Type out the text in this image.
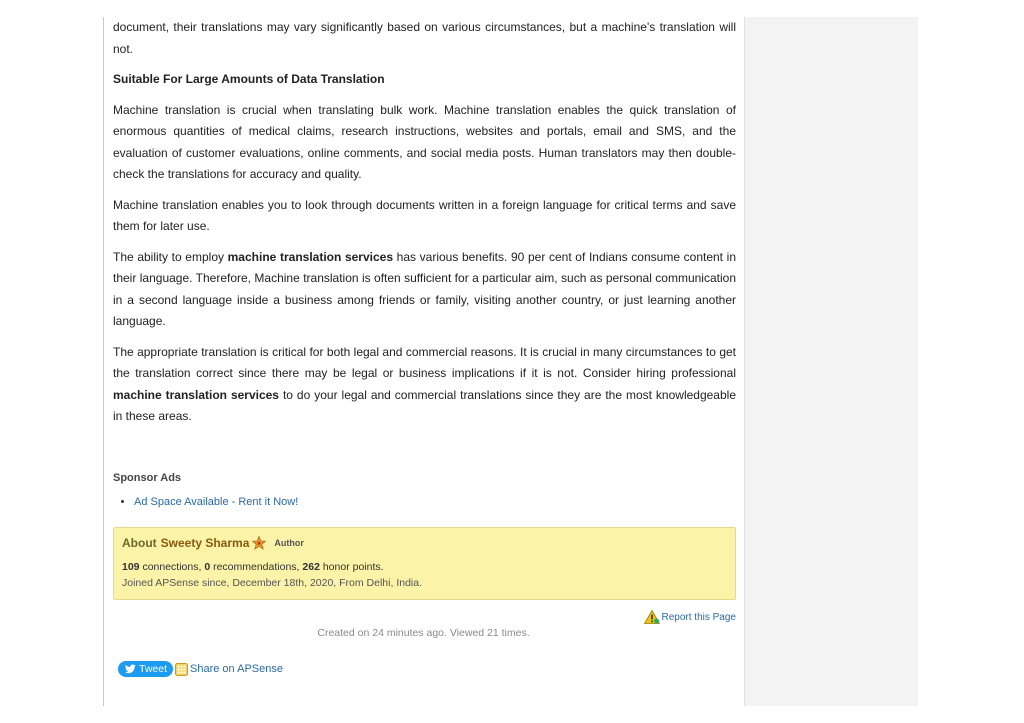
document, their translations may vary significantly based on various circumstances, but a machine's translation will not.

Suitable For Large Amounts of Data Translation

Machine translation is crucial when translating bulk work. Machine translation enables the quick translation of enormous quantities of medical claims, research instructions, websites and portals, email and SMS, and the evaluation of customer evaluations, online comments, and social media posts. Human translators may then double-check the translations for accuracy and quality.

Machine translation enables you to look through documents written in a foreign language for critical terms and save them for later use.

The ability to employ machine translation services has various benefits. 90 per cent of Indians consume content in their language. Therefore, Machine translation is often sufficient for a particular aim, such as personal communication in a second language inside a business among friends or family, visiting another country, or just learning another language.

The appropriate translation is critical for both legal and commercial reasons. It is crucial in many circumstances to get the translation correct since there may be legal or business implications if it is not. Consider hiring professional machine translation services to do your legal and commercial translations since they are the most knowledgeable in these areas.

Sponsor Ads
• Ad Space Available - Rent it Now!
About Sweety Sharma	Author
109 connections, 0 recommendations, 262 honor points.
Joined APSense since, December 18th, 2020, From Delhi, India.
Report this Page
Created on 24 minutes ago. Viewed 21 times.
Tweet Share on APSense
